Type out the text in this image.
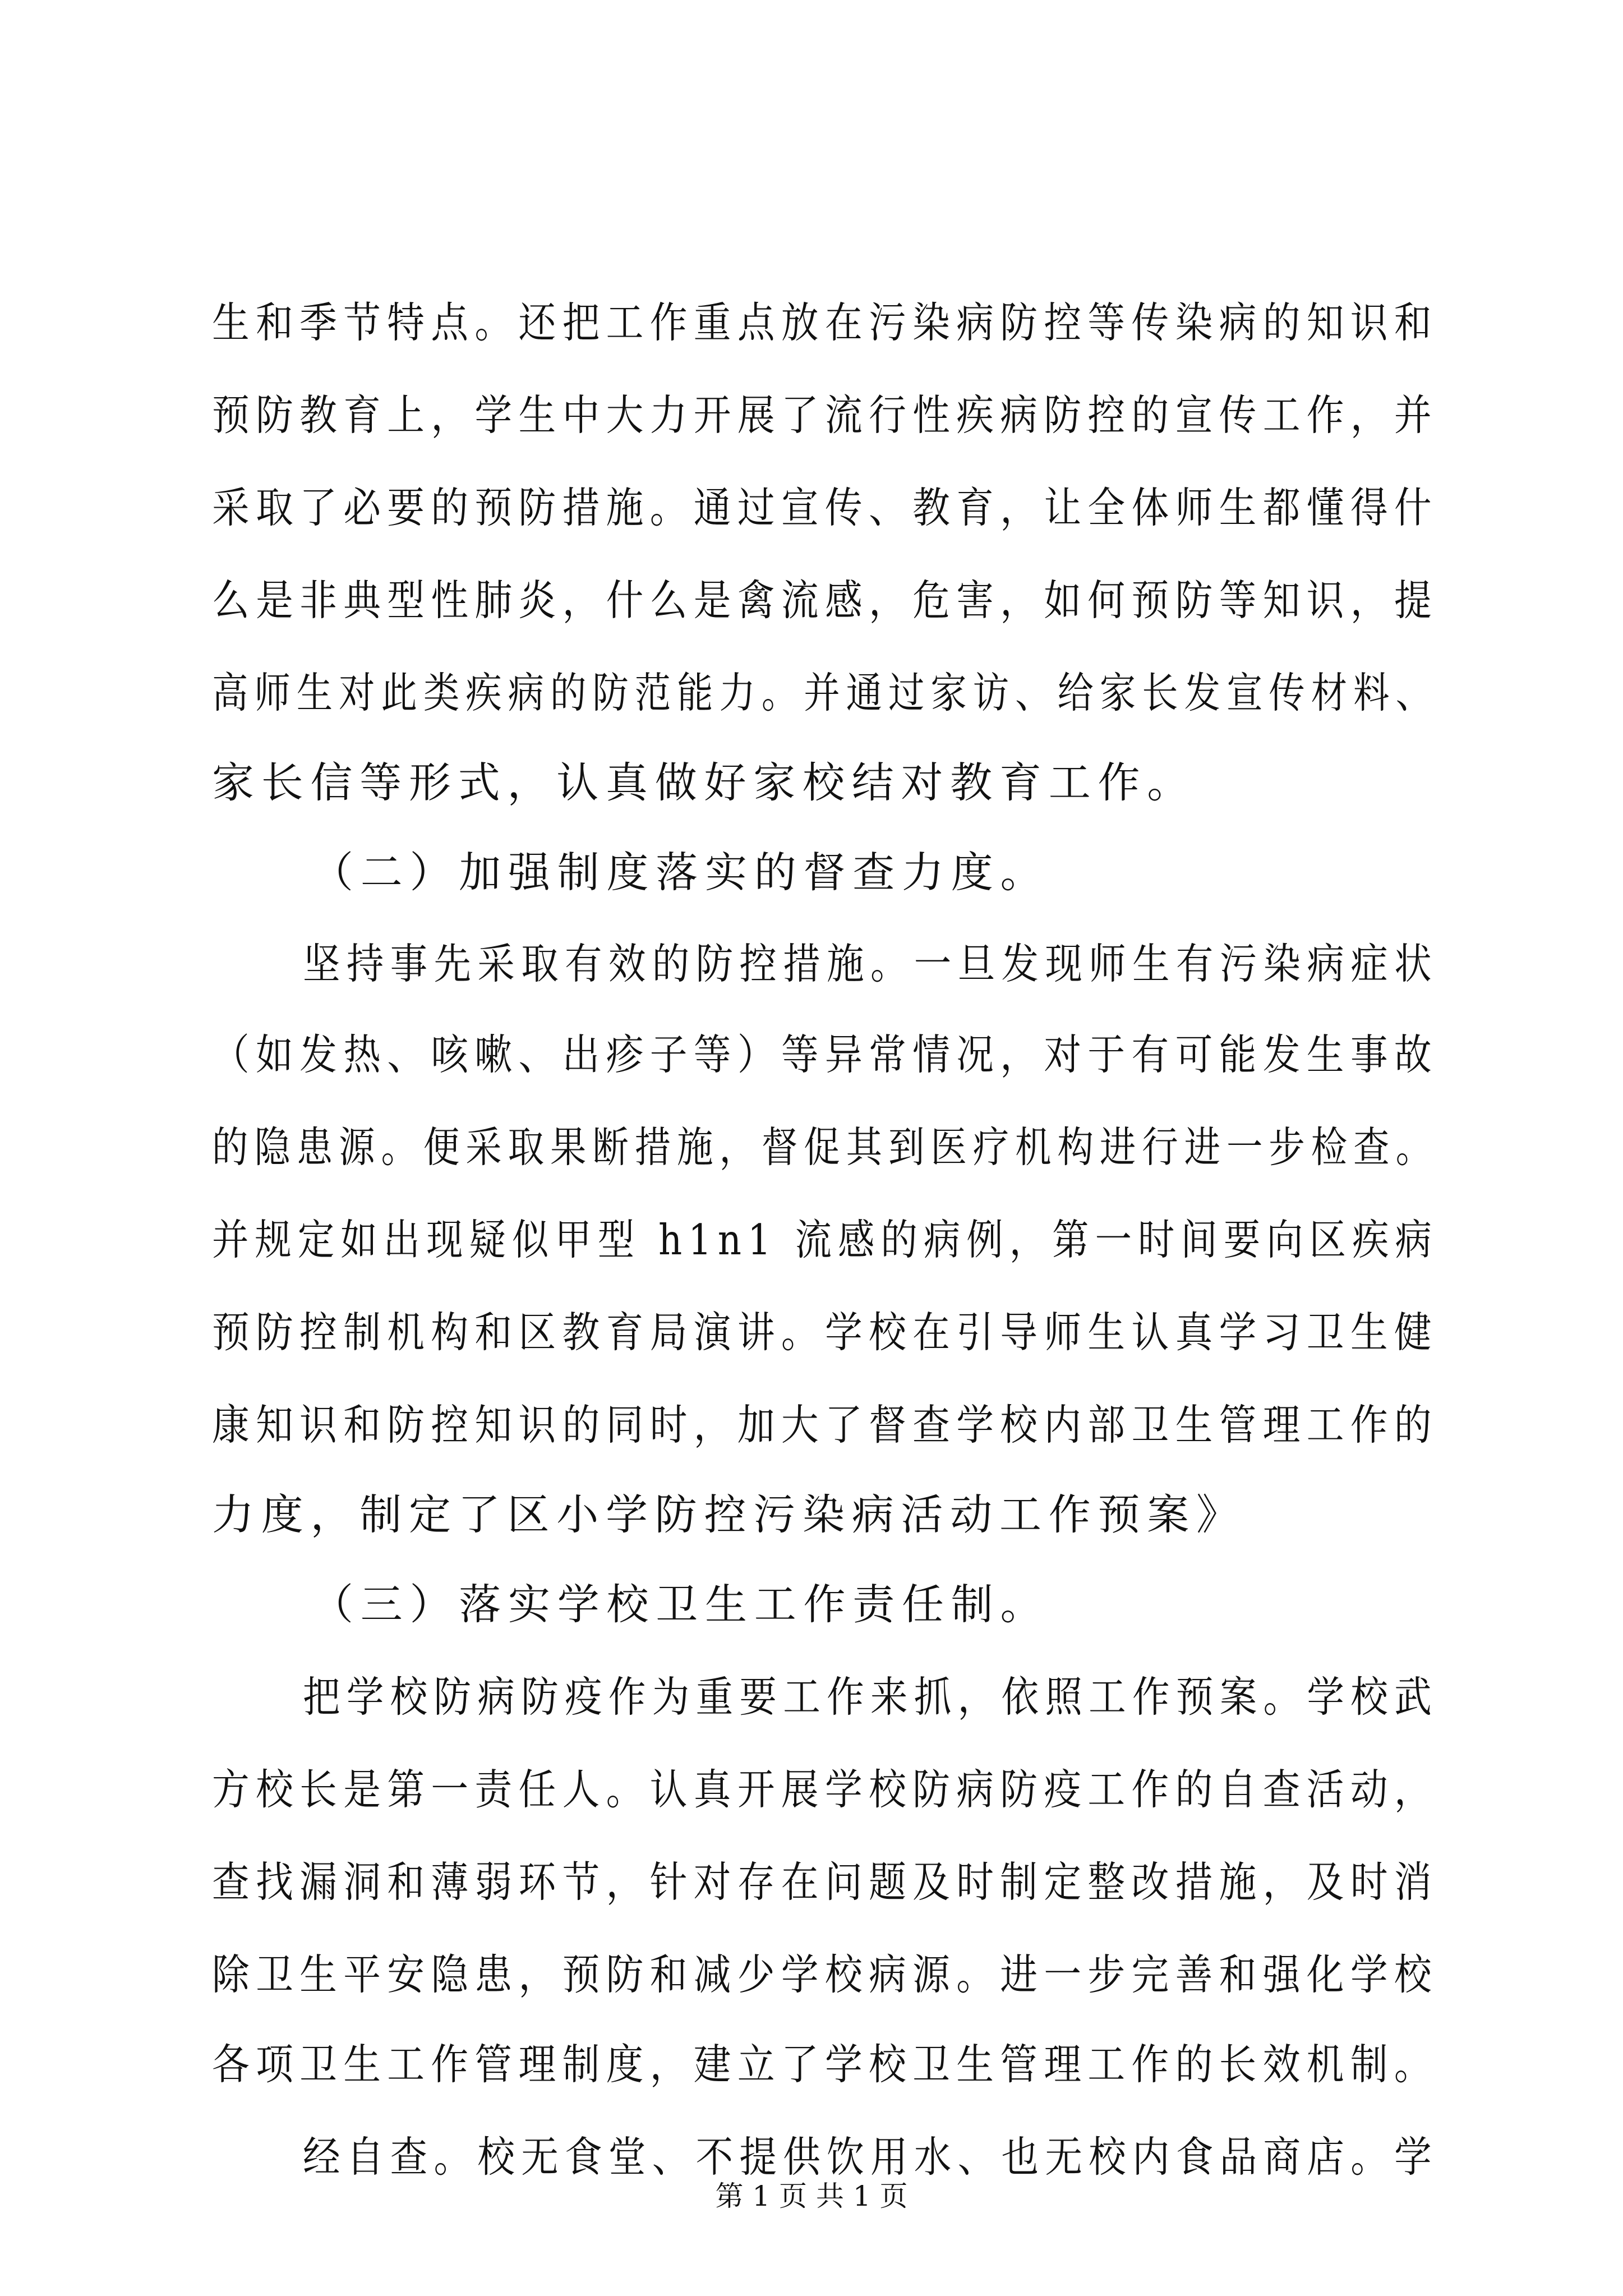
生和季节特点。还把工作重点放在污染病防控等传染病的知识和
预防教育上，学生中大力开展了流行性疾病防控的宣传工作，并
采取了必要的预防措施。通过宣传、教育，让全体师生都懂得什
么是非典型性肺炎，什么是禽流感，危害，如何预防等知识，提
高师生对此类疾病的防范能力。并通过家访、给家长发宣传材料、
家长信等形式，认真做好家校结对教育工作。
（二）加强制度落实的督查力度。
坚持事先采取有效的防控措施。一旦发现师生有污染病症状
（如发热、咳嗽、出疹子等）等异常情况，对于有可能发生事故
的隐患源。便采取果断措施，督促其到医疗机构进行进一步检查。
并规定如出现疑似甲型 h1n1 流感的病例，第一时间要向区疾病
预防控制机构和区教育局演讲。学校在引导师生认真学习卫生健
康知识和防控知识的同时，加大了督查学校内部卫生管理工作的
力度，制定了区小学防控污染病活动工作预案》
（三）落实学校卫生工作责任制。
把学校防病防疫作为重要工作来抓，依照工作预案。学校武
方校长是第一责任人。认真开展学校防病防疫工作的自查活动，
查找漏洞和薄弱环节，针对存在问题及时制定整改措施，及时消
除卫生平安隐患，预防和减少学校病源。进一步完善和强化学校
各项卫生工作管理制度，建立了学校卫生管理工作的长效机制。
经自查。校无食堂、不提供饮用水、也无校内食品商店。学
第 1 页 共 1 页
